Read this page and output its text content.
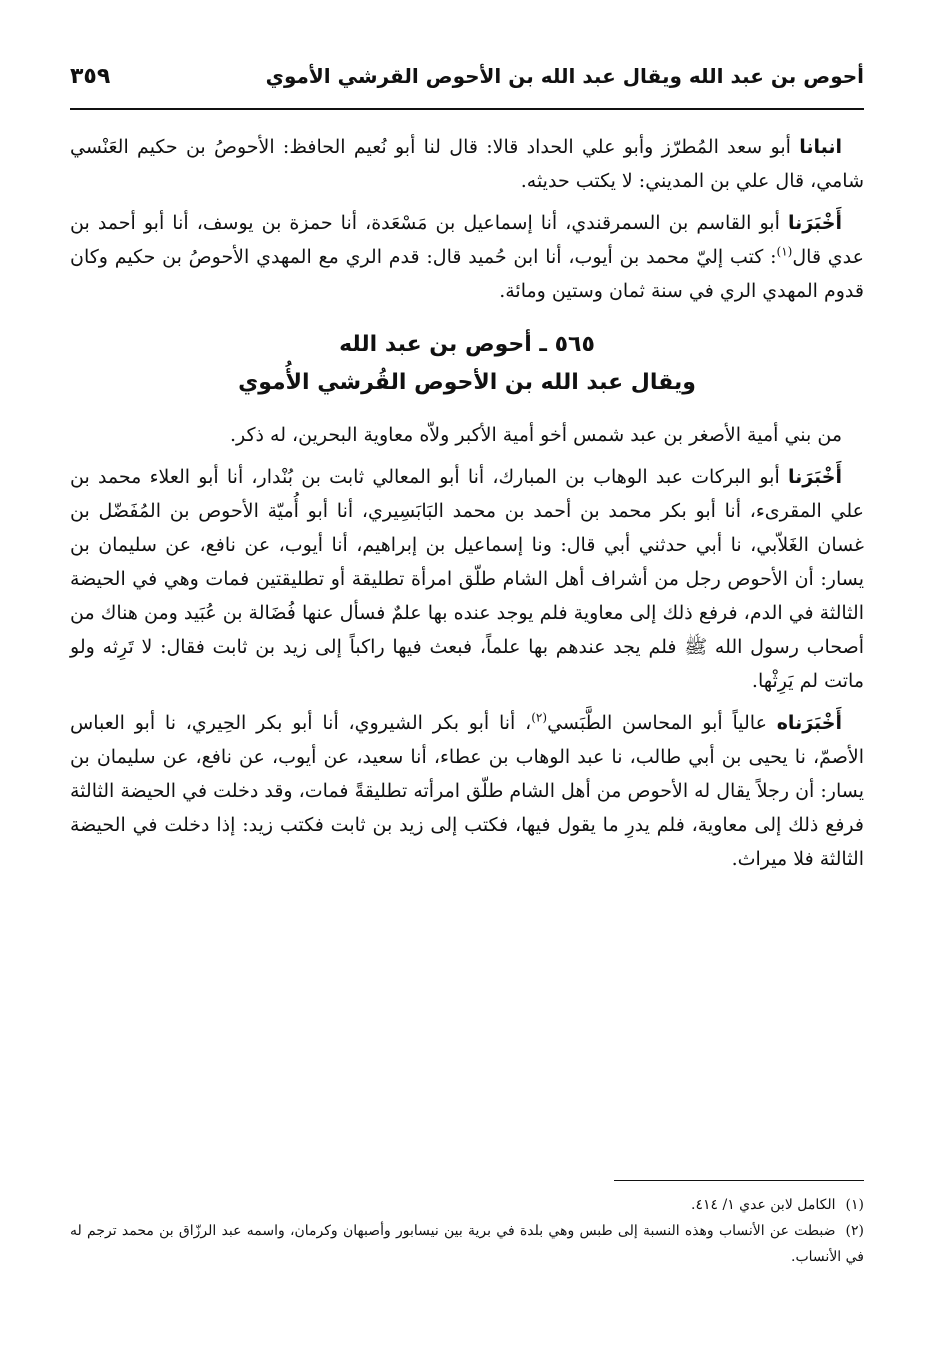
أحوص بن عبد الله ويقال عبد الله بن الأحوص القرشي الأموي
٣٥٩

انبانا أبو سعد المُطرّز وأبو علي الحداد قالا: قال لنا أبو نُعيم الحافظ: الأحوصُ بن حكيم العَنْسي شامي، قال علي بن المديني: لا يكتب حديثه.

أَخْبَرَنا أبو القاسم بن السمرقندي، أنا إسماعيل بن مَسْعَدة، أنا حمزة بن يوسف، أنا أبو أحمد بن عدي قال$^{(١)}$: كتب إليّ محمد بن أيوب، أنا ابن حُميد قال: قدم الري مع المهدي الأحوصُ بن حكيم وكان قدوم المهدي الري في سنة ثمان وستين ومائة.

٥٦٥ ـ أحوص بن عبد الله
ويقال عبد الله بن الأحوص القُرشي الأُموي

من بني أمية الأصغر بن عبد شمس أخو أمية الأكبر ولاّه معاوية البحرين، له ذكر.

أَخْبَرَنا أبو البركات عبد الوهاب بن المبارك، أنا أبو المعالي ثابت بن بُنْدار، أنا أبو العلاء محمد بن علي المقرىء، أنا أبو بكر محمد بن أحمد بن محمد البَابَسِيري، أنا أبو أُميّة الأحوص بن المُفَضّل بن غسان الغَلاّبي، نا أبي حدثني أبي قال: ونا إسماعيل بن إبراهيم، أنا أيوب، عن نافع، عن سليمان بن يسار: أن الأحوص رجل من أشراف أهل الشام طلّق امرأة تطليقة أو تطليقتين فمات وهي في الحيضة الثالثة في الدم، فرفع ذلك إلى معاوية فلم يوجد عنده بها علمٌ فسأل عنها فُضَالة بن عُبَيد ومن هناك من أصحاب رسول الله ﷺ فلم يجد عندهم بها علماً، فبعث فيها راكباً إلى زيد بن ثابت فقال: لا تَرِثه ولو ماتت لم يَرِثْها.

أَخْبَرَناه عالياً أبو المحاسن الطَّبَسي$^{(٢)}$، أنا أبو بكر الشيروي، أنا أبو بكر الحِيري، نا أبو العباس الأصمّ، نا يحيى بن أبي طالب، نا عبد الوهاب بن عطاء، أنا سعيد، عن أيوب، عن نافع، عن سليمان بن يسار: أن رجلاً يقال له الأحوص من أهل الشام طلّق امرأته تطليقةً فمات، وقد دخلت في الحيضة الثالثة فرفع ذلك إلى معاوية، فلم يدرِ ما يقول فيها، فكتب إلى زيد بن ثابت فكتب زيد: إذا دخلت في الحيضة الثالثة فلا ميراث.

(١)الكامل لابن عدي ١/ ٤١٤.

(٢)ضبطت عن الأنساب وهذه النسبة إلى طبس وهي بلدة في برية بين نيسابور وأصبهان وكرمان، واسمه عبد الرزّاق بن محمد ترجم له في الأنساب.
